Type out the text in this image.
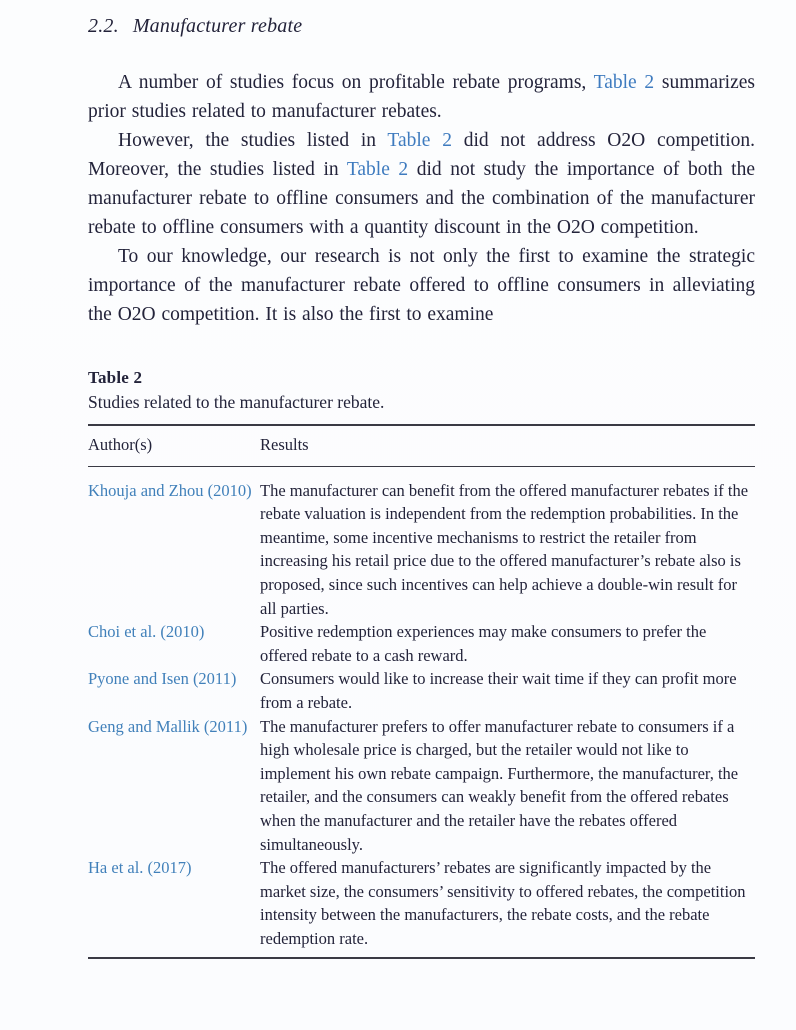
2.2. Manufacturer rebate

A number of studies focus on profitable rebate programs, Table 2 summarizes prior studies related to manufacturer rebates.

However, the studies listed in Table 2 did not address O2O competition. Moreover, the studies listed in Table 2 did not study the importance of both the manufacturer rebate to offline consumers and the combination of the manufacturer rebate to offline consumers with a quantity discount in the O2O competition.

To our knowledge, our research is not only the first to examine the strategic importance of the manufacturer rebate offered to offline consumers in alleviating the O2O competition. It is also the first to examine

Table 2
Studies related to the manufacturer rebate.
Author(s)	Results

Khouja and Zhou (2010)	The manufacturer can benefit from the offered manufacturer rebates if the rebate valuation is independent from the redemption probabilities. In the meantime, some incentive mechanisms to restrict the retailer from increasing his retail price due to the offered manufacturer’s rebate also is proposed, since such incentives can help achieve a double-win result for all parties.

Choi et al. (2010)	Positive redemption experiences may make consumers to prefer the offered rebate to a cash reward.

Pyone and Isen (2011)	Consumers would like to increase their wait time if they can profit more from a rebate.

Geng and Mallik (2011)	The manufacturer prefers to offer manufacturer rebate to consumers if a high wholesale price is charged, but the retailer would not like to implement his own rebate campaign. Furthermore, the manufacturer, the retailer, and the consumers can weakly benefit from the offered rebates when the manufacturer and the retailer have the rebates offered simultaneously.

Ha et al. (2017)	The offered manufacturers’ rebates are significantly impacted by the market size, the consumers’ sensitivity to offered rebates, the competition intensity between the manufacturers, the rebate costs, and the rebate redemption rate.
